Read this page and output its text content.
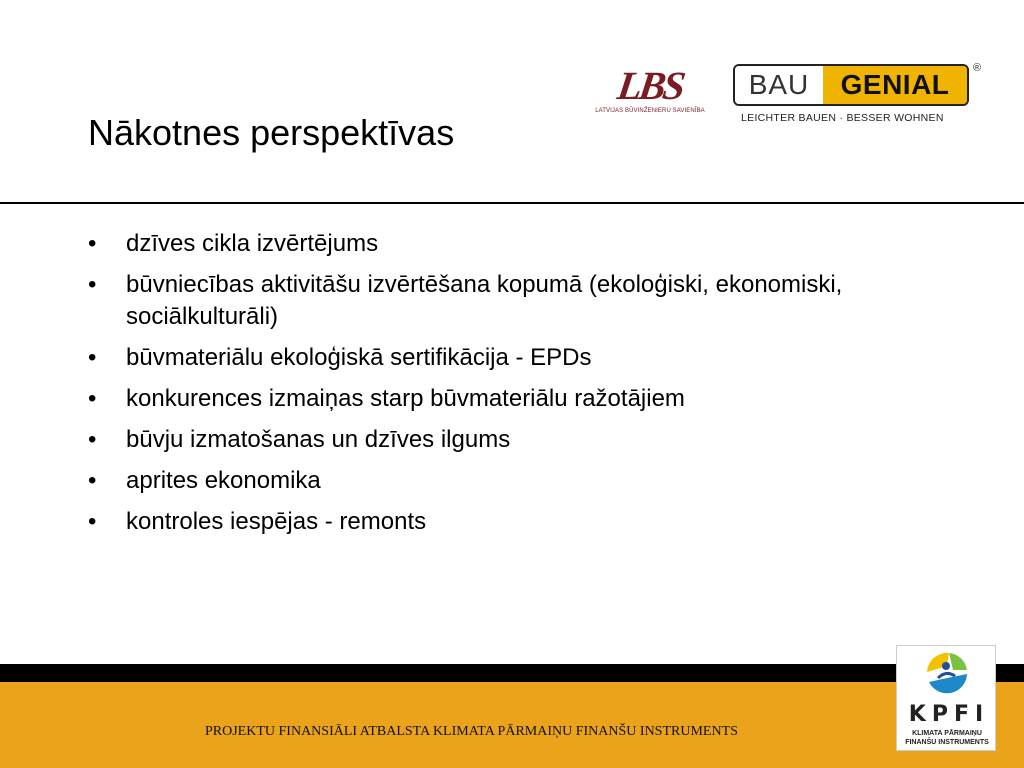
Nākotnes perspektīvas
LBS
LATVIJAS BŪVINŽENIERU SAVIENĪBA
BAU	GENIAL
®
LEICHTER BAUEN · BESSER WOHNEN
• dzīves cikla izvērtējums
• būvniecības aktivitāšu izvērtēšana kopumā (ekoloģiski, ekonomiski, sociālkulturāli)
• būvmateriālu ekoloģiskā sertifikācija - EPDs
• konkurences izmaiņas starp būvmateriālu ražotājiem
• būvju izmatošanas un dzīves ilgums
• aprites ekonomika
• kontroles iespējas - remonts
PROJEKTU FINANSIĀLI ATBALSTA KLIMATA PĀRMAIŅU FINANŠU INSTRUMENTS
KPFI
KLIMATA PĀRMAIŅU
FINANŠU INSTRUMENTS
